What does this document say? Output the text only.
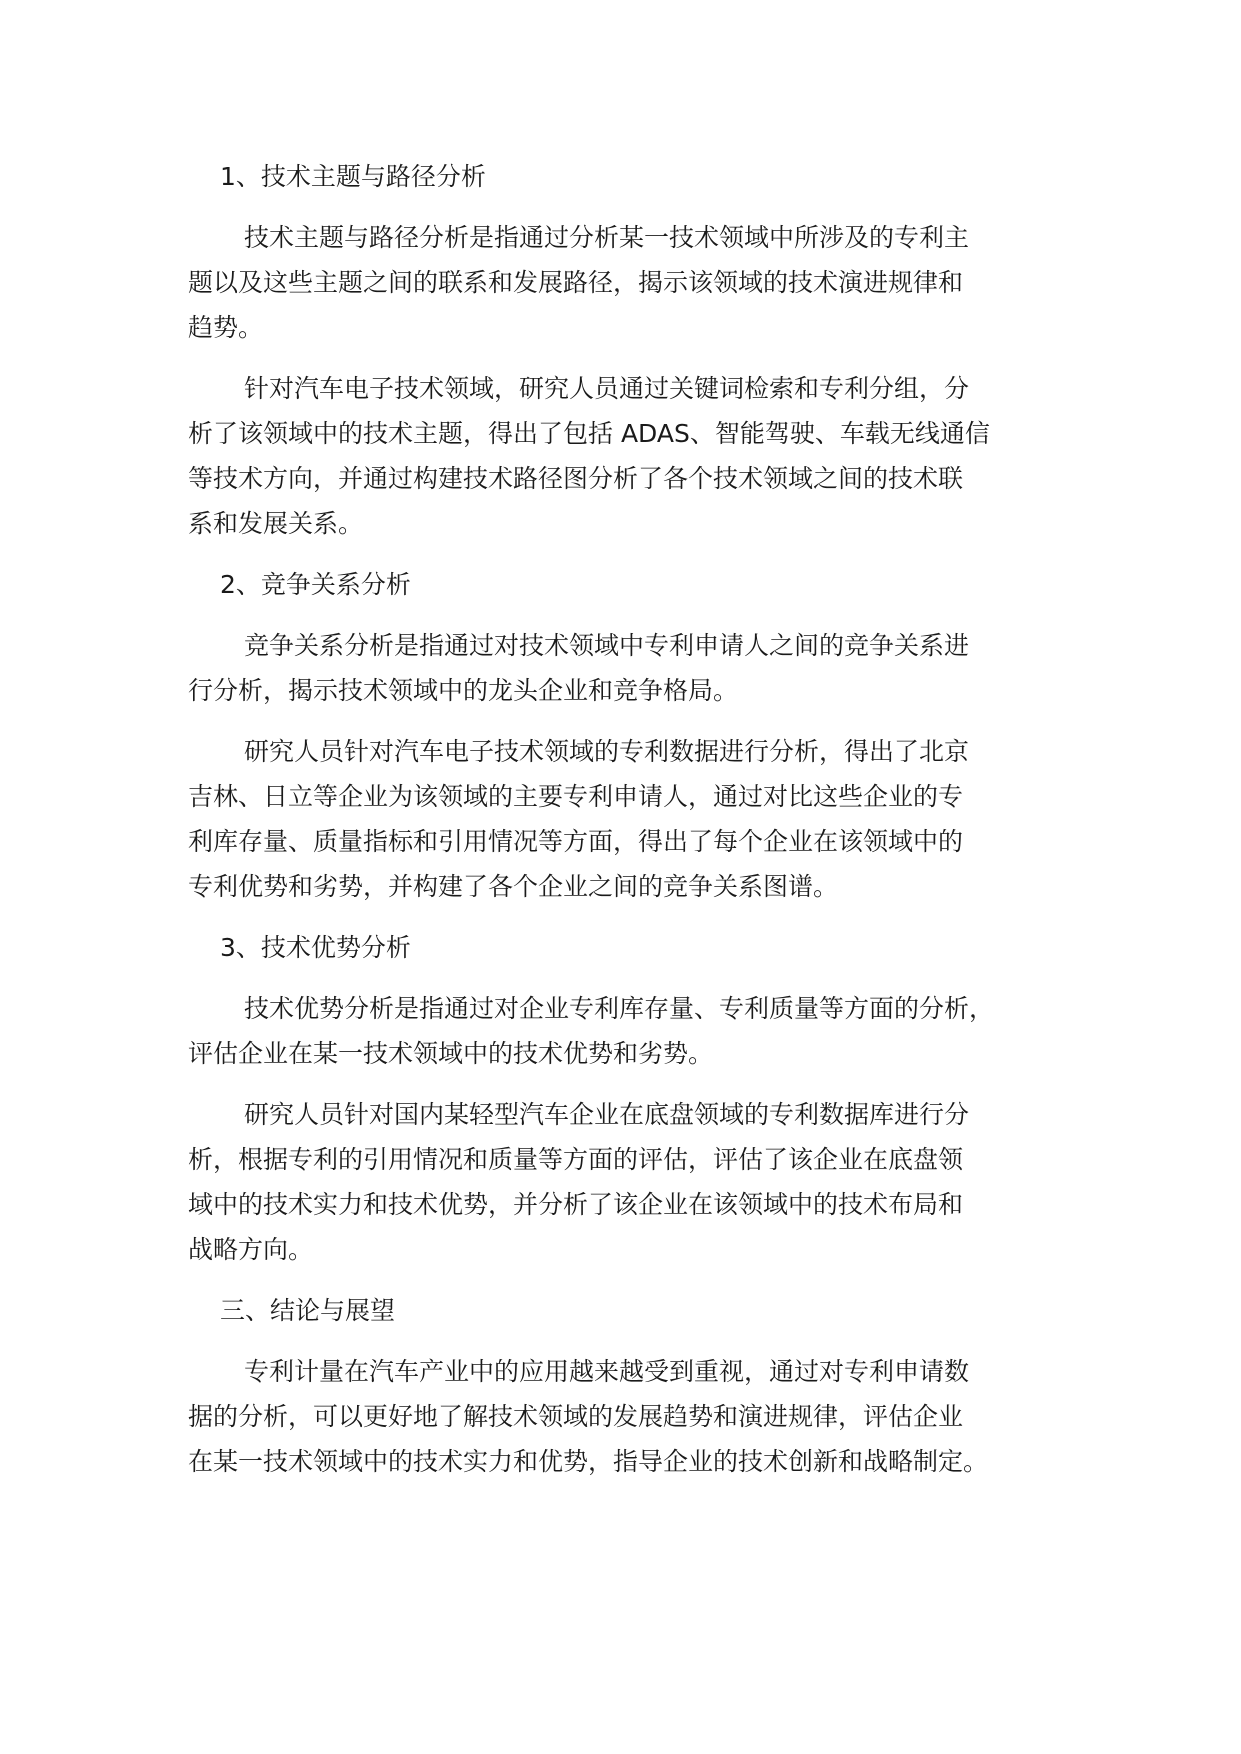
1、技术主题与路径分析

技术主题与路径分析是指通过分析某一技术领域中所涉及的专利主

题以及这些主题之间的联系和发展路径，揭示该领域的技术演进规律和

趋势。

针对汽车电子技术领域，研究人员通过关键词检索和专利分组，分

析了该领域中的技术主题，得出了包括 ADAS、智能驾驶、车载无线通信

等技术方向，并通过构建技术路径图分析了各个技术领域之间的技术联

系和发展关系。

2、竞争关系分析

竞争关系分析是指通过对技术领域中专利申请人之间的竞争关系进

行分析，揭示技术领域中的龙头企业和竞争格局。

研究人员针对汽车电子技术领域的专利数据进行分析，得出了北京

吉林、日立等企业为该领域的主要专利申请人，通过对比这些企业的专

利库存量、质量指标和引用情况等方面，得出了每个企业在该领域中的

专利优势和劣势，并构建了各个企业之间的竞争关系图谱。

3、技术优势分析

技术优势分析是指通过对企业专利库存量、专利质量等方面的分析，

评估企业在某一技术领域中的技术优势和劣势。

研究人员针对国内某轻型汽车企业在底盘领域的专利数据库进行分

析，根据专利的引用情况和质量等方面的评估，评估了该企业在底盘领

域中的技术实力和技术优势，并分析了该企业在该领域中的技术布局和

战略方向。

三、结论与展望

专利计量在汽车产业中的应用越来越受到重视，通过对专利申请数

据的分析，可以更好地了解技术领域的发展趋势和演进规律，评估企业

在某一技术领域中的技术实力和优势，指导企业的技术创新和战略制定。
